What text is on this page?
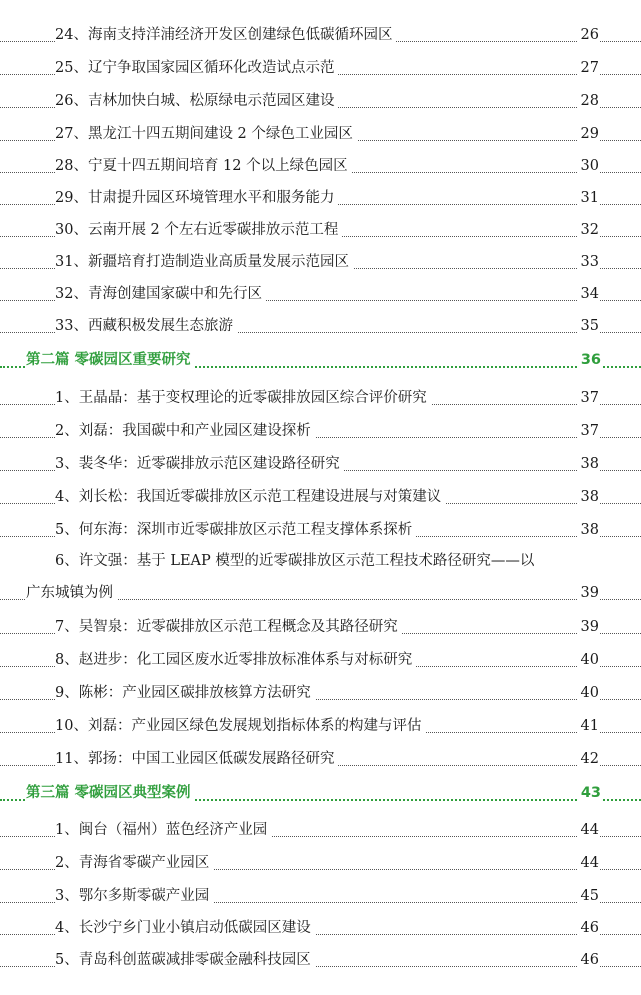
24、海南支持洋浦经济开发区创建绿色低碳循环园区	26
25、辽宁争取国家园区循环化改造试点示范	27
26、吉林加快白城、松原绿电示范园区建设	28
27、黑龙江十四五期间建设 2 个绿色工业园区	29
28、宁夏十四五期间培育 12 个以上绿色园区	30
29、甘肃提升园区环境管理水平和服务能力	31
30、云南开展 2 个左右近零碳排放示范工程	32
31、新疆培育打造制造业高质量发展示范园区	33
32、青海创建国家碳中和先行区	34
33、西藏积极发展生态旅游	35
第二篇 零碳园区重要研究	36
1、王晶晶：基于变权理论的近零碳排放园区综合评价研究	37
2、刘磊：我国碳中和产业园区建设探析	37
3、裴冬华：近零碳排放示范区建设路径研究	38
4、刘长松：我国近零碳排放区示范工程建设进展与对策建议	38
5、何东海：深圳市近零碳排放区示范工程支撑体系探析	38
6、许文强：基于 LEAP 模型的近零碳排放区示范工程技术路径研究——以
广东城镇为例	39
7、吴智泉：近零碳排放区示范工程概念及其路径研究	39
8、赵进步：化工园区废水近零排放标准体系与对标研究	40
9、陈彬：产业园区碳排放核算方法研究	40
10、刘磊：产业园区绿色发展规划指标体系的构建与评估	41
11、郭扬：中国工业园区低碳发展路径研究	42
第三篇 零碳园区典型案例	43
1、闽台（福州）蓝色经济产业园	44
2、青海省零碳产业园区	44
3、鄂尔多斯零碳产业园	45
4、长沙宁乡门业小镇启动低碳园区建设	46
5、青岛科创蓝碳减排零碳金融科技园区	46
